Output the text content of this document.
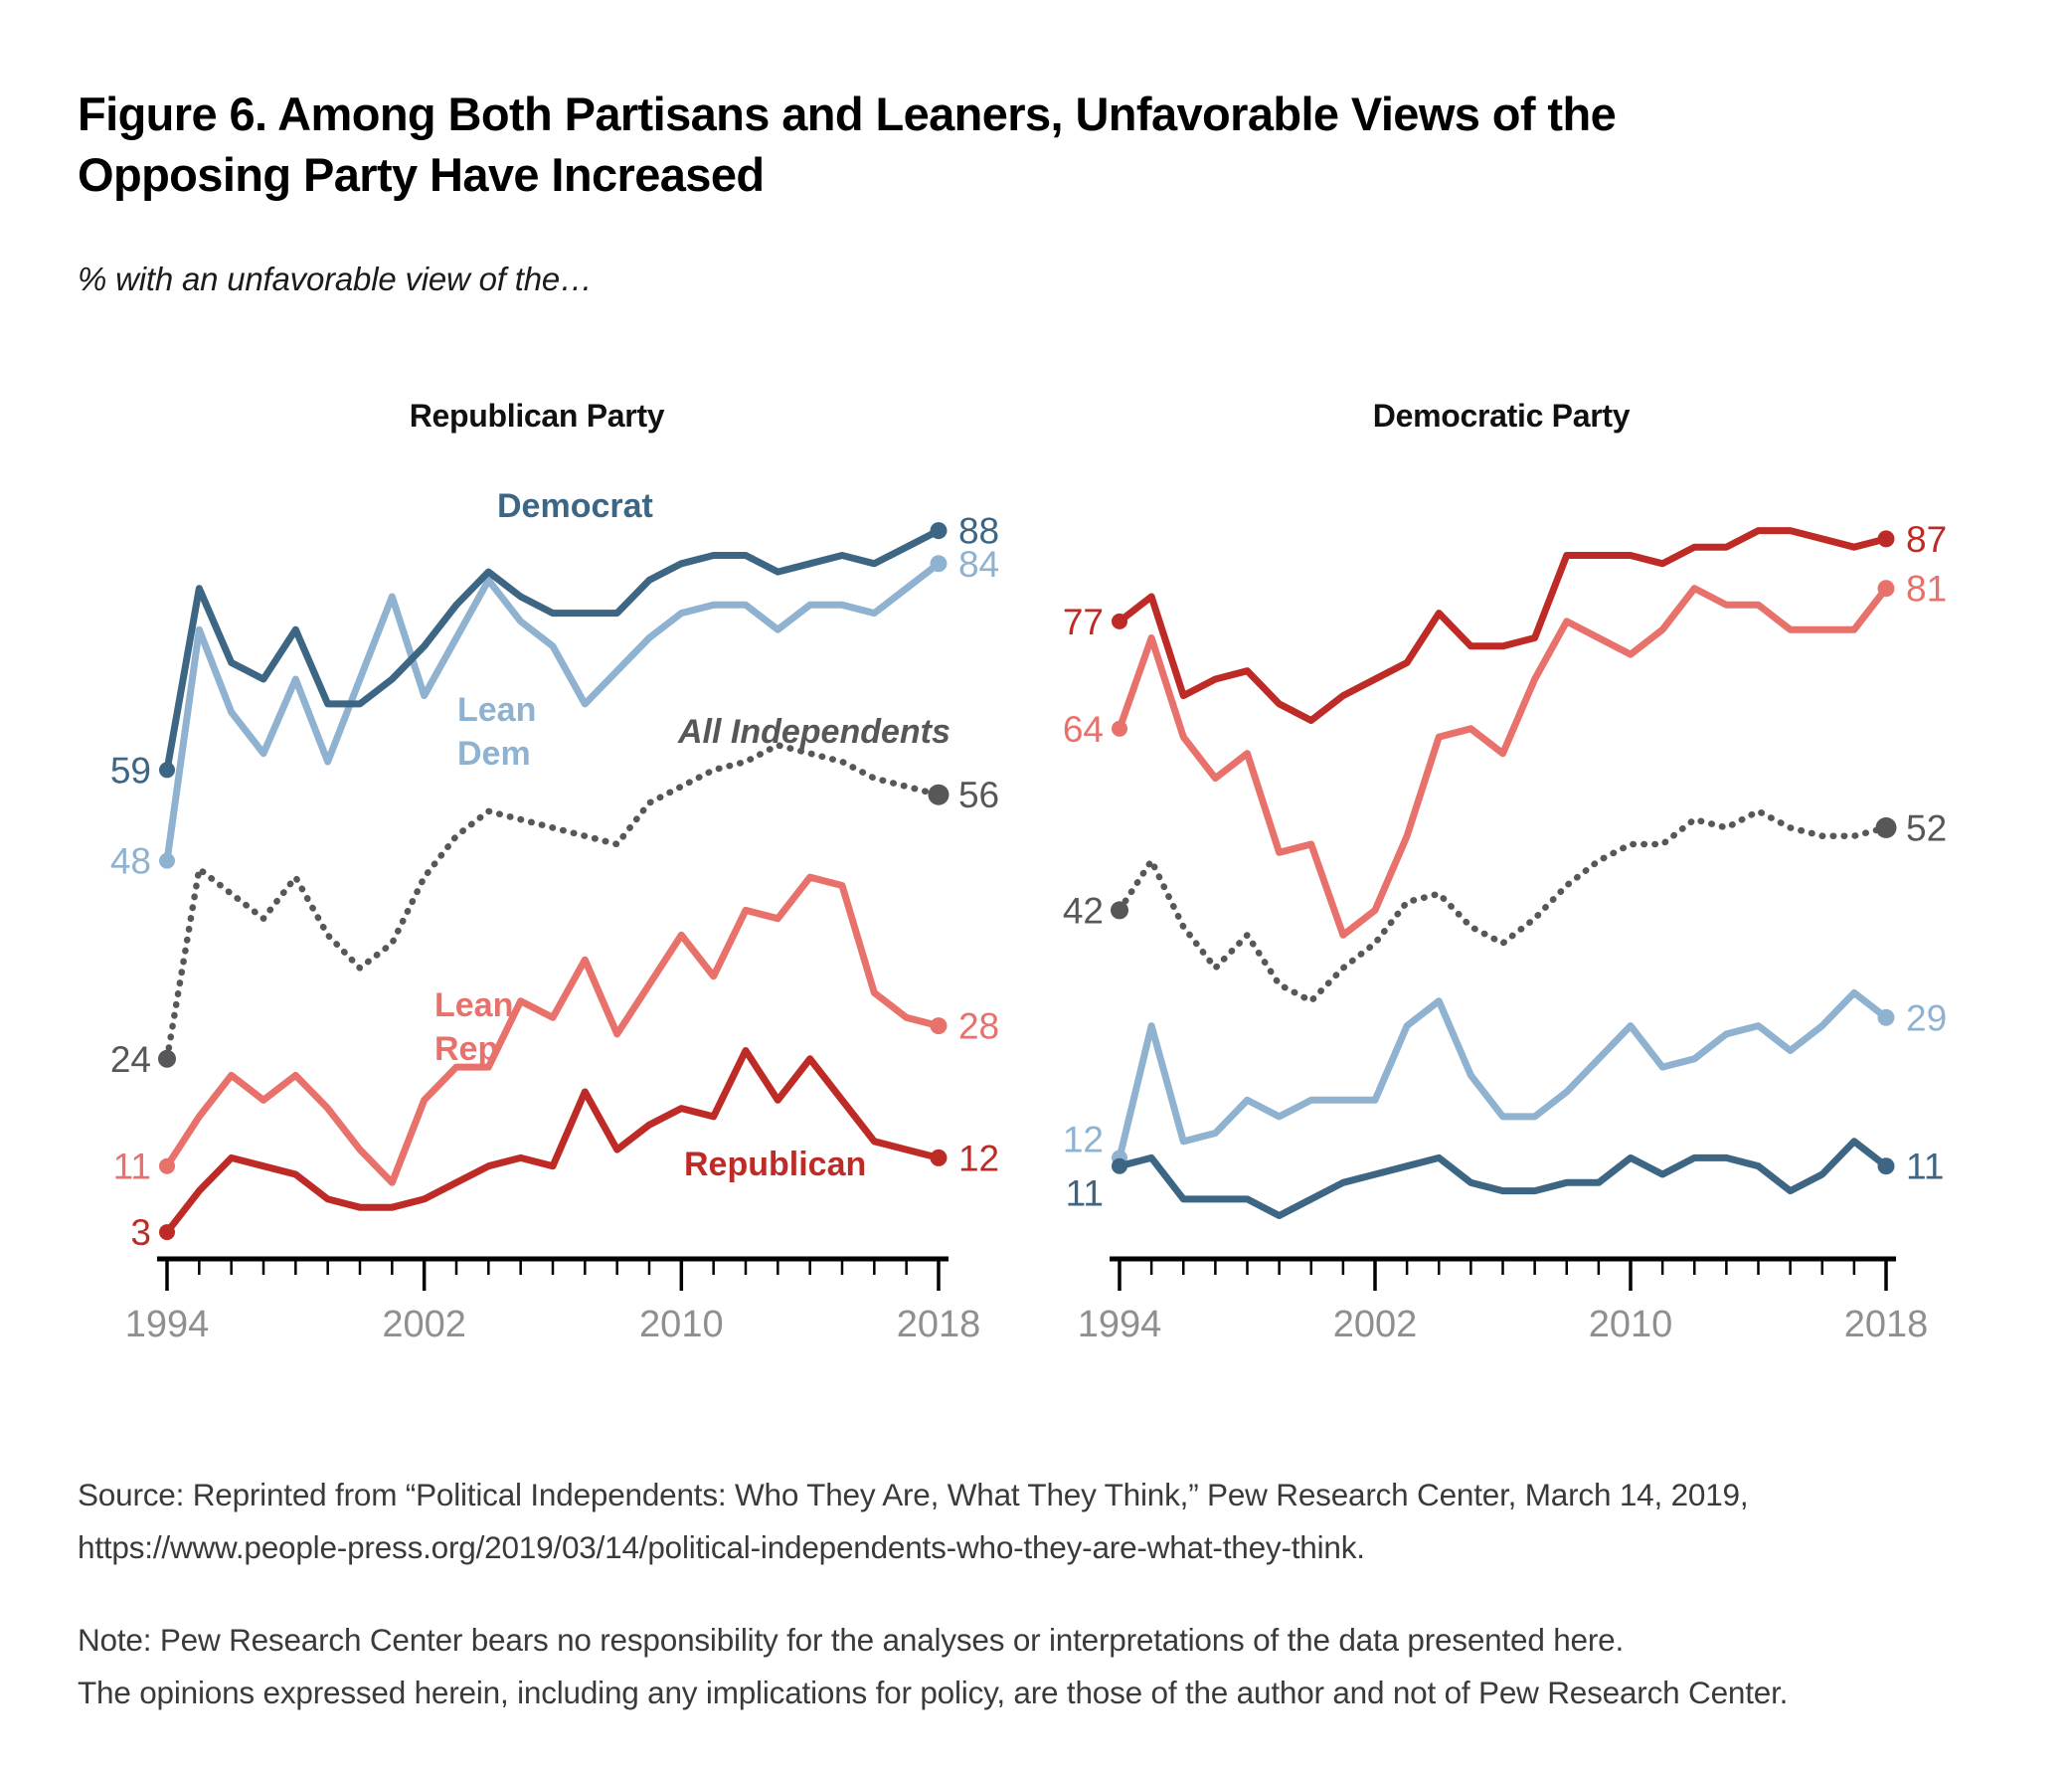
Figure 6. Among Both Partisans and Leaners, Unfavorable Views of the
Opposing Party Have Increased
% with an unfavorable view of the…
Republican Party	Democratic Party
1994	2002	2010	2018
24
56
All Independents
11
28
Lean
Rep
3
12
Republican
48
84
Lean
Dem
59
88
Democrat
1994	2002	2010	2018
42
52
12
29
11
11
64
81
77
87
Source: Reprinted from “Political Independents: Who They Are, What They Think,” Pew Research Center, March 14, 2019,
https://www.people-press.org/2019/03/14/political-independents-who-they-are-what-they-think.
Note: Pew Research Center bears no responsibility for the analyses or interpretations of the data presented here.
The opinions expressed herein, including any implications for policy, are those of the author and not of Pew Research Center.
